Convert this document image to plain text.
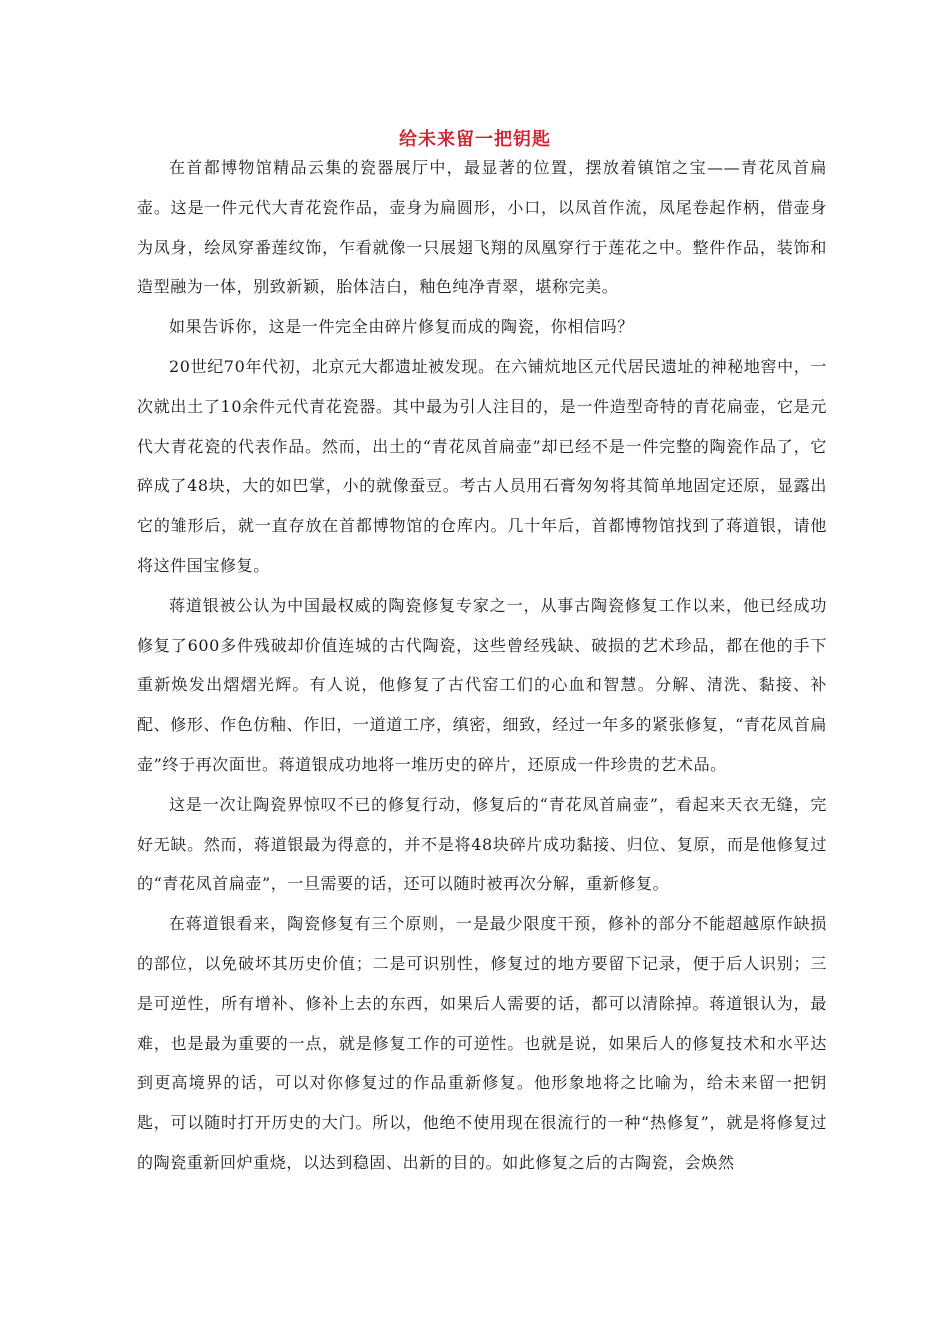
给未来留一把钥匙

在首都博物馆精品云集的瓷器展厅中，最显著的位置，摆放着镇馆之宝——青花凤首扁壶。这是一件元代大青花瓷作品，壶身为扁圆形，小口，以凤首作流，凤尾卷起作柄，借壶身为凤身，绘凤穿番莲纹饰，乍看就像一只展翅飞翔的凤凰穿行于莲花之中。整件作品，装饰和造型融为一体，别致新颖，胎体洁白，釉色纯净青翠，堪称完美。

如果告诉你，这是一件完全由碎片修复而成的陶瓷，你相信吗？

20世纪70年代初，北京元大都遗址被发现。在六铺炕地区元代居民遗址的神秘地窖中，一次就出土了10余件元代青花瓷器。其中最为引人注目的，是一件造型奇特的青花扁壶，它是元代大青花瓷的代表作品。然而，出土的“青花凤首扁壶”却已经不是一件完整的陶瓷作品了，它碎成了48块，大的如巴掌，小的就像蚕豆。考古人员用石膏匆匆将其简单地固定还原，显露出它的雏形后，就一直存放在首都博物馆的仓库内。几十年后，首都博物馆找到了蒋道银，请他将这件国宝修复。

蒋道银被公认为中国最权威的陶瓷修复专家之一，从事古陶瓷修复工作以来，他已经成功修复了600多件残破却价值连城的古代陶瓷，这些曾经残缺、破损的艺术珍品，都在他的手下重新焕发出熠熠光辉。有人说，他修复了古代窑工们的心血和智慧。分解、清洗、黏接、补配、修形、作色仿釉、作旧，一道道工序，缜密，细致，经过一年多的紧张修复，“青花凤首扁壶”终于再次面世。蒋道银成功地将一堆历史的碎片，还原成一件珍贵的艺术品。

这是一次让陶瓷界惊叹不已的修复行动，修复后的“青花凤首扁壶”，看起来天衣无缝，完好无缺。然而，蒋道银最为得意的，并不是将48块碎片成功黏接、归位、复原，而是他修复过的“青花凤首扁壶”，一旦需要的话，还可以随时被再次分解，重新修复。

在蒋道银看来，陶瓷修复有三个原则，一是最少限度干预，修补的部分不能超越原作缺损的部位，以免破坏其历史价值；二是可识别性，修复过的地方要留下记录，便于后人识别；三是可逆性，所有增补、修补上去的东西，如果后人需要的话，都可以清除掉。蒋道银认为，最难，也是最为重要的一点，就是修复工作的可逆性。也就是说，如果后人的修复技术和水平达到更高境界的话，可以对你修复过的作品重新修复。他形象地将之比喻为，给未来留一把钥匙，可以随时打开历史的大门。所以，他绝不使用现在很流行的一种“热修复”，就是将修复过的陶瓷重新回炉重烧，以达到稳固、出新的目的。如此修复之后的古陶瓷，会焕然
